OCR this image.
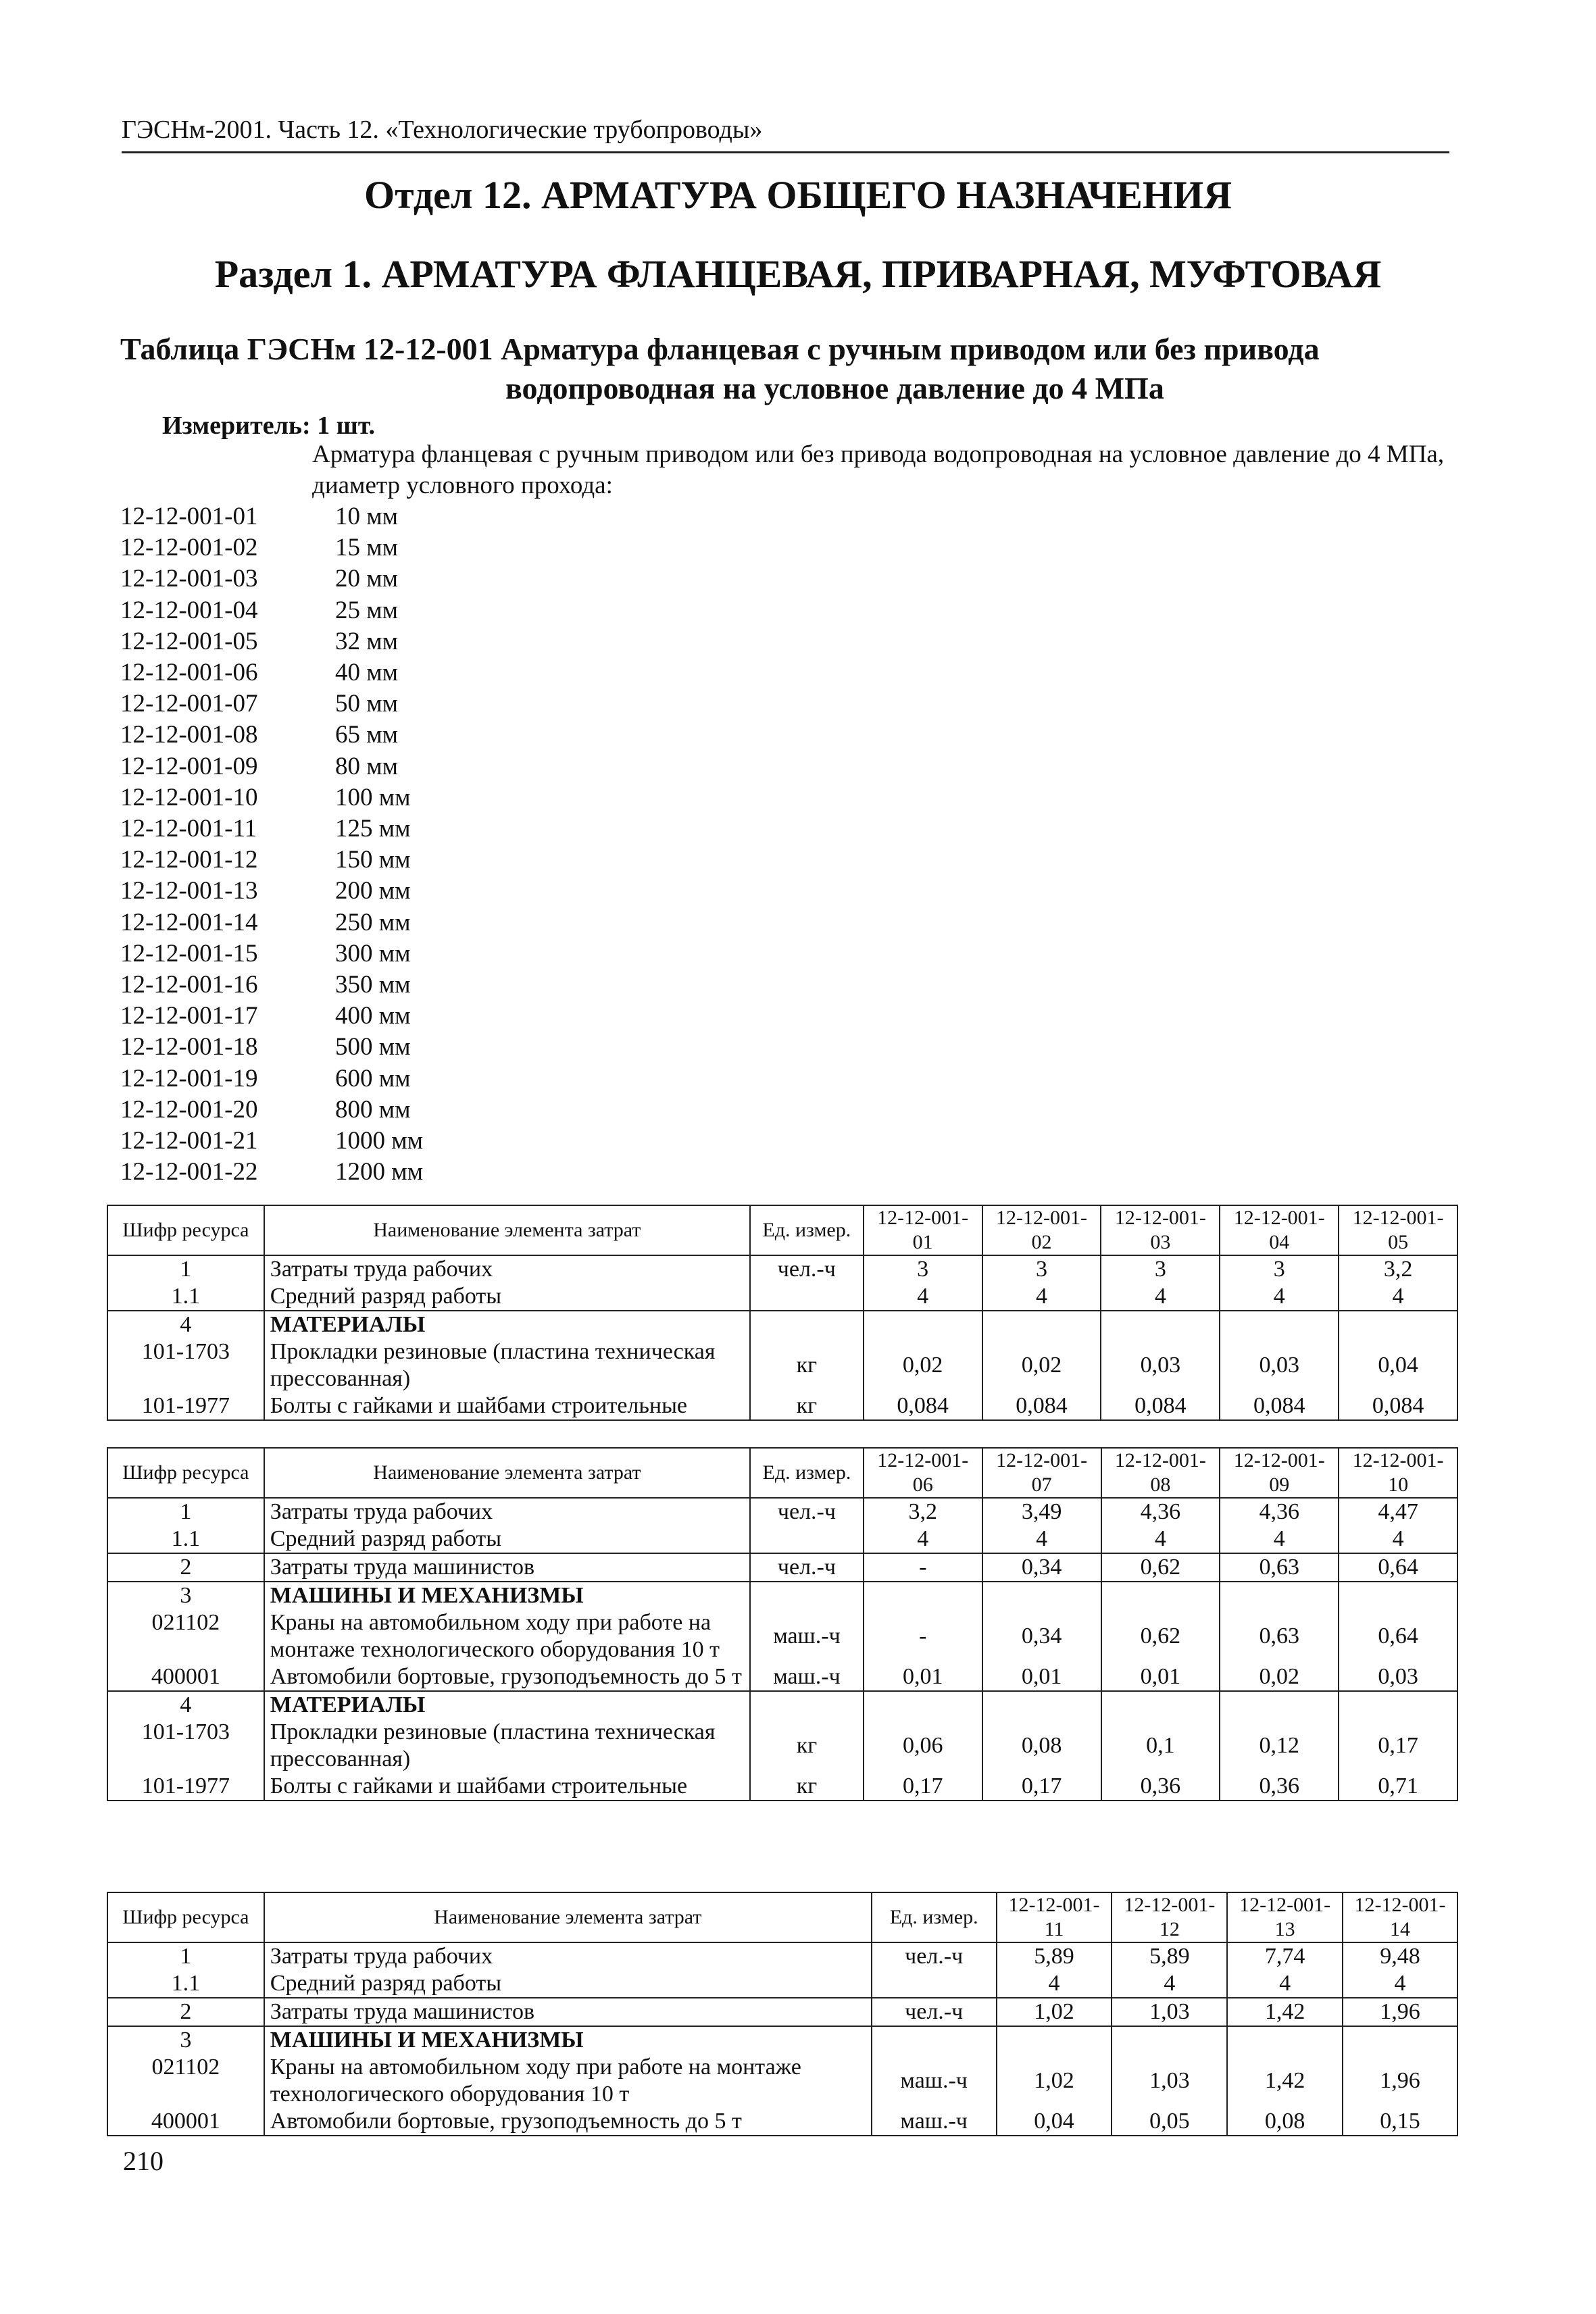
ГЭСНм-2001. Часть 12. «Технологические трубопроводы»
Отдел 12. АРМАТУРА ОБЩЕГО НАЗНАЧЕНИЯ
Раздел 1. АРМАТУРА ФЛАНЦЕВАЯ, ПРИВАРНАЯ, МУФТОВАЯ
Таблица ГЭСНм 12-12-001 Арматура фланцевая с ручным приводом или без привода
водопроводная на условное давление до 4 МПа
Измеритель: 1 шт.
Арматура фланцевая с ручным приводом или без привода водопроводная на условное давление до 4 МПа, диаметр условного прохода:
12-12-001-01	10 мм
12-12-001-02	15 мм
12-12-001-03	20 мм
12-12-001-04	25 мм
12-12-001-05	32 мм
12-12-001-06	40 мм
12-12-001-07	50 мм
12-12-001-08	65 мм
12-12-001-09	80 мм
12-12-001-10	100 мм
12-12-001-11	125 мм
12-12-001-12	150 мм
12-12-001-13	200 мм
12-12-001-14	250 мм
12-12-001-15	300 мм
12-12-001-16	350 мм
12-12-001-17	400 мм
12-12-001-18	500 мм
12-12-001-19	600 мм
12-12-001-20	800 мм
12-12-001-21	1000 мм
12-12-001-22	1200 мм
Шифр ресурса	Наименование элемента затрат	Ед. измер.	12-12-001-01	12-12-001-02	12-12-001-03	12-12-001-04	12-12-001-05
1	Затраты труда рабочих	чел.-ч	3	3	3	3	3,2
1.1	Средний разряд работы		4	4	4	4	4
4	МАТЕРИАЛЫ						
101-1703	Прокладки резиновые (пластина техническая прессованная)	кг	0,02	0,02	0,03	0,03	0,04
101-1977	Болты с гайками и шайбами строительные	кг	0,084	0,084	0,084	0,084	0,084
Шифр ресурса	Наименование элемента затрат	Ед. измер.	12-12-001-06	12-12-001-07	12-12-001-08	12-12-001-09	12-12-001-10
1	Затраты труда рабочих	чел.-ч	3,2	3,49	4,36	4,36	4,47
1.1	Средний разряд работы		4	4	4	4	4
2	Затраты труда машинистов	чел.-ч	-	0,34	0,62	0,63	0,64
3	МАШИНЫ И МЕХАНИЗМЫ						
021102	Краны на автомобильном ходу при работе на монтаже технологического оборудования 10 т	маш.-ч	-	0,34	0,62	0,63	0,64
400001	Автомобили бортовые, грузоподъемность до 5 т	маш.-ч	0,01	0,01	0,01	0,02	0,03
4	МАТЕРИАЛЫ						
101-1703	Прокладки резиновые (пластина техническая прессованная)	кг	0,06	0,08	0,1	0,12	0,17
101-1977	Болты с гайками и шайбами строительные	кг	0,17	0,17	0,36	0,36	0,71
Шифр ресурса	Наименование элемента затрат	Ед. измер.	12-12-001-11	12-12-001-12	12-12-001-13	12-12-001-14
1	Затраты труда рабочих	чел.-ч	5,89	5,89	7,74	9,48
1.1	Средний разряд работы		4	4	4	4
2	Затраты труда машинистов	чел.-ч	1,02	1,03	1,42	1,96
3	МАШИНЫ И МЕХАНИЗМЫ					
021102	Краны на автомобильном ходу при работе на монтаже технологического оборудования 10 т	маш.-ч	1,02	1,03	1,42	1,96
400001	Автомобили бортовые, грузоподъемность до 5 т	маш.-ч	0,04	0,05	0,08	0,15
210
